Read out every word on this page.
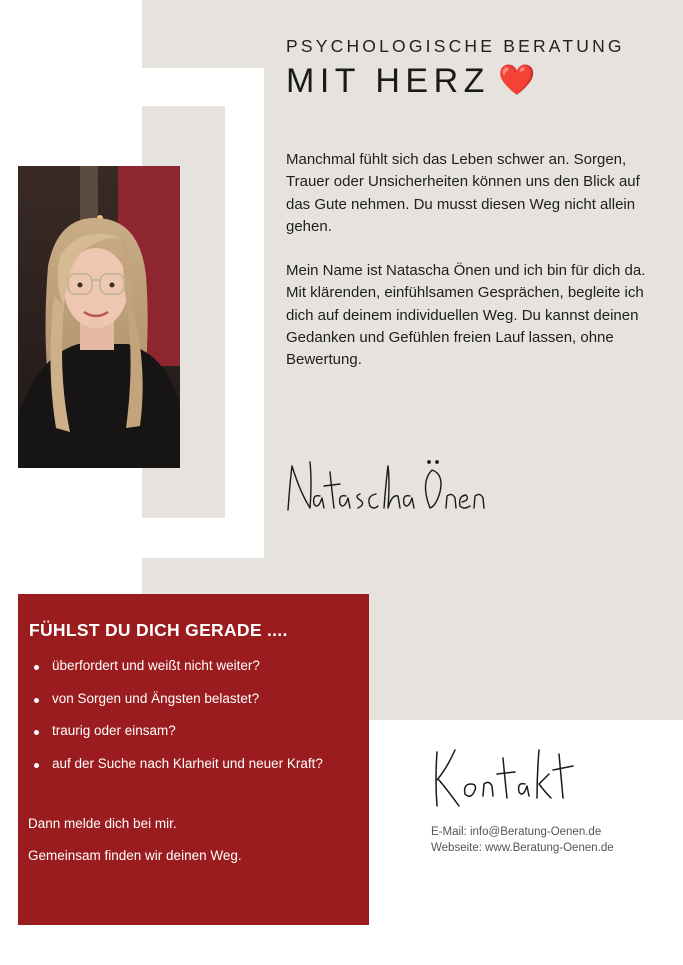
PSYCHOLOGISCHE BERATUNG
MIT HERZ ❤️
Manchmal fühlt sich das Leben schwer an. Sorgen, Trauer oder Unsicherheiten können uns den Blick auf das Gute nehmen. Du musst diesen Weg nicht allein gehen.
Mein Name ist Natascha Önen und ich bin für dich da. Mit klärenden, einfühlsamen Gesprächen, begleite ich dich auf deinem individuellen Weg. Du kannst deinen Gedanken und Gefühlen freien Lauf lassen, ohne Bewertung.
FÜHLST DU DICH GERADE ....
überfordert und weißt nicht weiter?
von Sorgen und Ängsten belastet?
traurig oder einsam?
auf der Suche nach Klarheit und neuer Kraft?
Dann melde dich bei mir.
Gemeinsam finden wir deinen Weg.
E-Mail: info@Beratung-Oenen.de
Webseite: www.Beratung-Oenen.de
